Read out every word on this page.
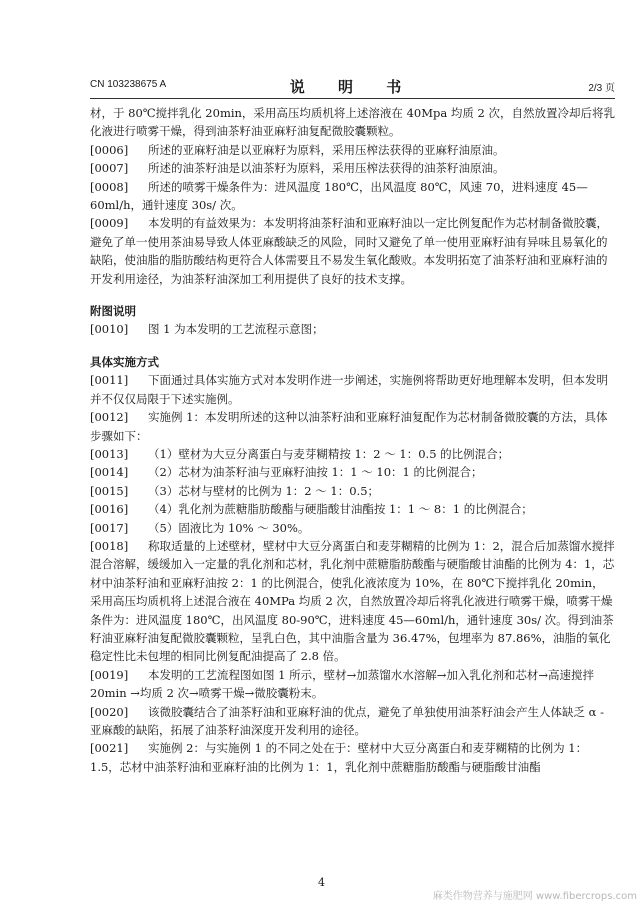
CN 103238675 A	说 明 书	2/3 页

材，于 80℃搅拌乳化 20min，采用高压均质机将上述溶液在 40Mpa 均质 2 次，自然放置冷却后将乳化液进行喷雾干燥，得到油茶籽油亚麻籽油复配微胶囊颗粒。

[0006] 所述的亚麻籽油是以亚麻籽为原料，采用压榨法获得的亚麻籽油原油。

[0007] 所述的油茶籽油是以油茶籽为原料，采用压榨法获得的油茶籽油原油。

[0008] 所述的喷雾干燥条件为：进风温度 180℃，出风温度 80℃，风速 70，进料速度 45—60ml/h，通针速度 30s/ 次。

[0009] 本发明的有益效果为：本发明将油茶籽油和亚麻籽油以一定比例复配作为芯材制备微胶囊，避免了单一使用茶油易导致人体亚麻酸缺乏的风险，同时又避免了单一使用亚麻籽油有异味且易氧化的缺陷，使油脂的脂肪酸结构更符合人体需要且不易发生氧化酸败。本发明拓宽了油茶籽油和亚麻籽油的开发利用途径，为油茶籽油深加工利用提供了良好的技术支撑。

附图说明

[0010] 图 1 为本发明的工艺流程示意图；

具体实施方式

[0011] 下面通过具体实施方式对本发明作进一步阐述，实施例将帮助更好地理解本发明，但本发明并不仅仅局限于下述实施例。

[0012] 实施例 1：本发明所述的这种以油茶籽油和亚麻籽油复配作为芯材制备微胶囊的方法，具体步骤如下：

[0013] （1）壁材为大豆分离蛋白与麦芽糊精按 1：2 ～ 1：0.5 的比例混合；

[0014] （2）芯材为油茶籽油与亚麻籽油按 1：1 ～ 10：1 的比例混合；

[0015] （3）芯材与壁材的比例为 1：2 ～ 1：0.5；

[0016] （4）乳化剂为蔗糖脂肪酸酯与硬脂酸甘油酯按 1：1 ～ 8：1 的比例混合；

[0017] （5）固液比为 10% ～ 30%。

[0018] 称取适量的上述壁材，壁材中大豆分离蛋白和麦芽糊精的比例为 1：2，混合后加蒸馏水搅拌混合溶解，缓缓加入一定量的乳化剂和芯材，乳化剂中蔗糖脂肪酸酯与硬脂酸甘油酯的比例为 4：1，芯材中油茶籽油和亚麻籽油按 2：1 的比例混合，使乳化液浓度为 10%，在 80℃下搅拌乳化 20min，采用高压均质机将上述混合液在 40MPa 均质 2 次，自然放置冷却后将乳化液进行喷雾干燥，喷雾干燥条件为：进风温度 180℃，出风温度 80-90℃，进料速度 45—60ml/h，通针速度 30s/ 次。得到油茶籽油亚麻籽油复配微胶囊颗粒，呈乳白色，其中油脂含量为 36.47%，包埋率为 87.86%，油脂的氧化稳定性比未包埋的相同比例复配油提高了 2.8 倍。

[0019] 本发明的工艺流程图如图 1 所示，壁材→加蒸馏水水溶解→加入乳化剂和芯材→高速搅拌 20min →均质 2 次→喷雾干燥→微胶囊粉末。

[0020] 该微胶囊结合了油茶籽油和亚麻籽油的优点，避免了单独使用油茶籽油会产生人体缺乏 α - 亚麻酸的缺陷，拓展了油茶籽油深度开发利用的途径。

[0021] 实施例 2：与实施例 1 的不同之处在于：壁材中大豆分离蛋白和麦芽糊精的比例为 1：1.5，芯材中油茶籽油和亚麻籽油的比例为 1：1，乳化剂中蔗糖脂肪酸酯与硬脂酸甘油酯

4
麻类作物营养与施肥网 www.fibercrops.com
